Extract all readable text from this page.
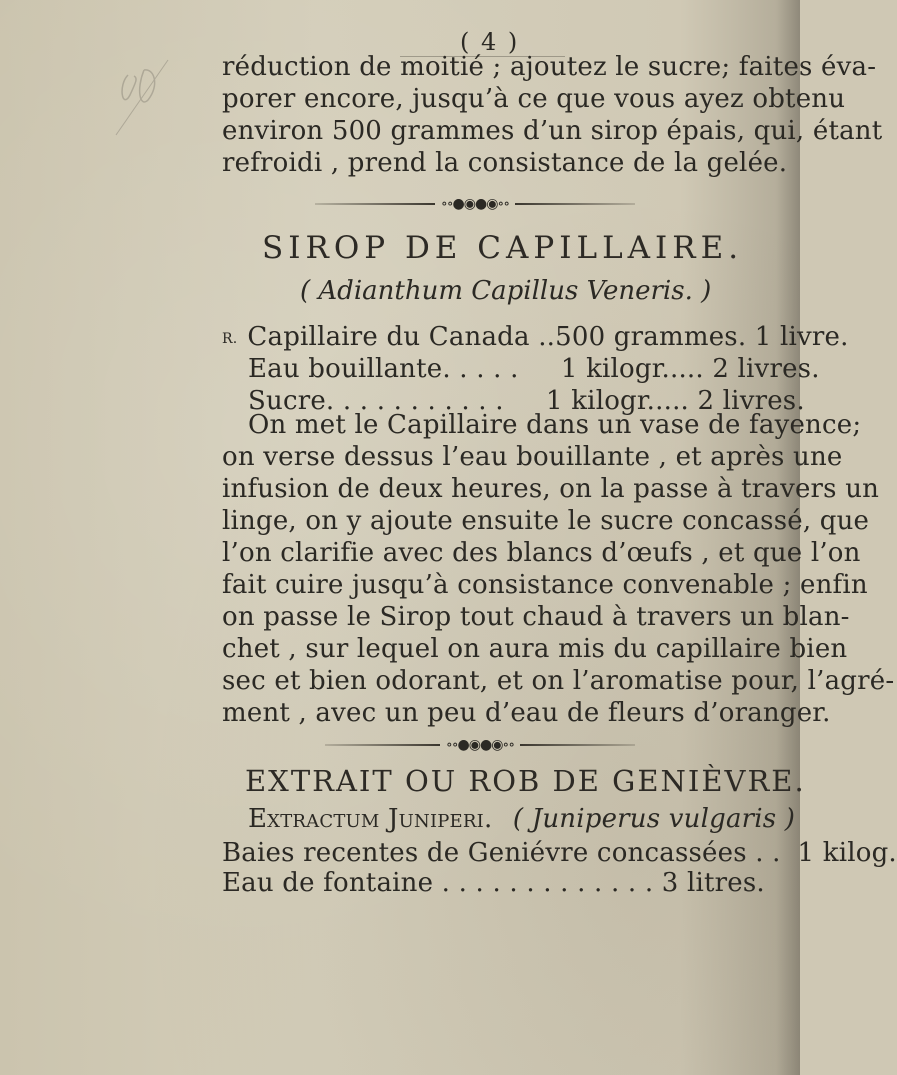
( 4 )
réduction de moitié ; ajoutez le sucre; faites éva-
porer encore, jusqu’à ce que vous ayez obtenu
environ 500 grammes d’un sirop épais, qui, étant
refroidi , prend la consistance de la gelée.
∘∘●◉●◉∘∘
SIROP DE CAPILLAIRE.
( Adianthum Capillus Veneris. )
R. Capillaire du Canada ..500 grammes. 1 livre.
Eau bouillante. . . . .     1 kilogr..... 2 livres.
Sucre. . . . . . . . . . .     1 kilogr..... 2 livres.
On met le Capillaire dans un vase de fayence;
on verse dessus l’eau bouillante , et après une
infusion de deux heures, on la passe à travers un
linge, on y ajoute ensuite le sucre concassé, que
l’on clarifie avec des blancs d’œufs , et que l’on
fait cuire jusqu’à consistance convenable ; enfin
on passe le Sirop tout chaud à travers un blan-
chet , sur lequel on aura mis du capillaire bien
sec et bien odorant, et on l’aromatise pour, l’agré-
ment , avec un peu d’eau de fleurs d’oranger.
∘∘●◉●◉∘∘
EXTRAIT OU ROB DE GENIÈVRE.
Extractum Juniperi. ( Juniperus vulgaris )
Baies recentes de Geniévre concassées . .  1 kilog.
Eau de fontaine . . . . . . . . . . . . . 3 litres.
